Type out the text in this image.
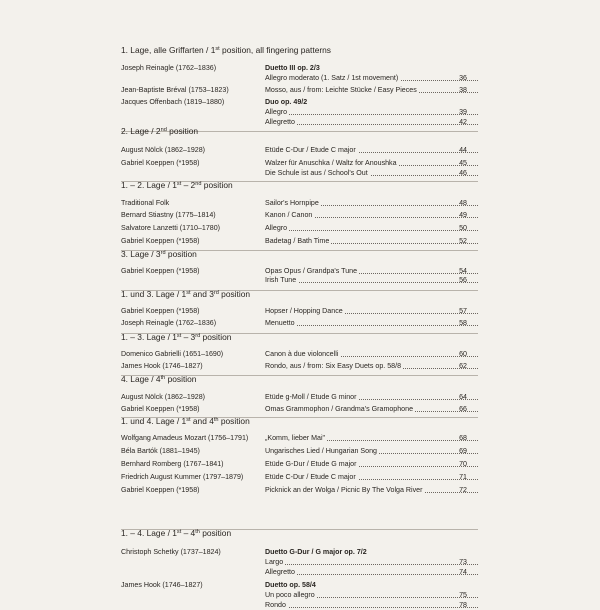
1. Lage, alle Griffarten / 1st position, all fingering patterns
Joseph Reinagle (1762–1836)	Duetto III op. 2/3
Allegro moderato (1. Satz / 1st movement)	36
Jean-Baptiste Bréval (1753–1823)	Mosso, aus / from: Leichte Stücke / Easy Pieces	38
Jacques Offenbach (1819–1880)	Duo op. 49/2
Allegro	39
Allegretto	42
2. Lage / 2nd position
August Nölck (1862–1928)	Etüde C-Dur / Etude C major	44
Gabriel Koeppen (*1958)	Walzer für Anuschka / Waltz for Anoushka	45
Die Schule ist aus / School's Out	46
1. – 2. Lage / 1st – 2nd position
Traditional Folk	Sailor's Hornpipe	48
Bernard Stiastny (1775–1814)	Kanon / Canon	49
Salvatore Lanzetti (1710–1780)	Allegro	50
Gabriel Koeppen (*1958)	Badetag / Bath Time	52
3. Lage / 3rd position
Gabriel Koeppen (*1958)	Opas Opus / Grandpa's Tune	54
Irish Tune	56
1. und 3. Lage / 1st and 3rd position
Gabriel Koeppen (*1958)	Hopser / Hopping Dance	57
Joseph Reinagle (1762–1836)	Menuetto	58
1. – 3. Lage / 1st – 3rd position
Domenico Gabrielli (1651–1690)	Canon à due violoncelli	60
James Hook (1746–1827)	Rondo, aus / from: Six Easy Duets op. 58/8	62
4. Lage / 4th position
August Nölck (1862–1928)	Etüde g-Moll / Etude G minor	64
Gabriel Koeppen (*1958)	Omas Grammophon / Grandma's Gramophone	66
1. und 4. Lage / 1st and 4th position
Wolfgang Amadeus Mozart (1756–1791) „Komm, lieber Mai"	68
Béla Bartók (1881–1945)	Ungarisches Lied / Hungarian Song	69
Bernhard Romberg (1767–1841)	Etüde G-Dur / Etude G major	70
Friedrich August Kummer (1797–1879)	Etüde C-Dur / Etude C major	71
Gabriel Koeppen (*1958)	Picknick an der Wolga / Picnic By The Volga River	72
1. – 4. Lage / 1st – 4th position
Christoph Schetky (1737–1824)	Duetto G-Dur / G major op. 7/2
Largo	73
Allegretto	74
James Hook (1746–1827)	Duetto op. 58/4
Un poco allegro	75
Rondo	78
